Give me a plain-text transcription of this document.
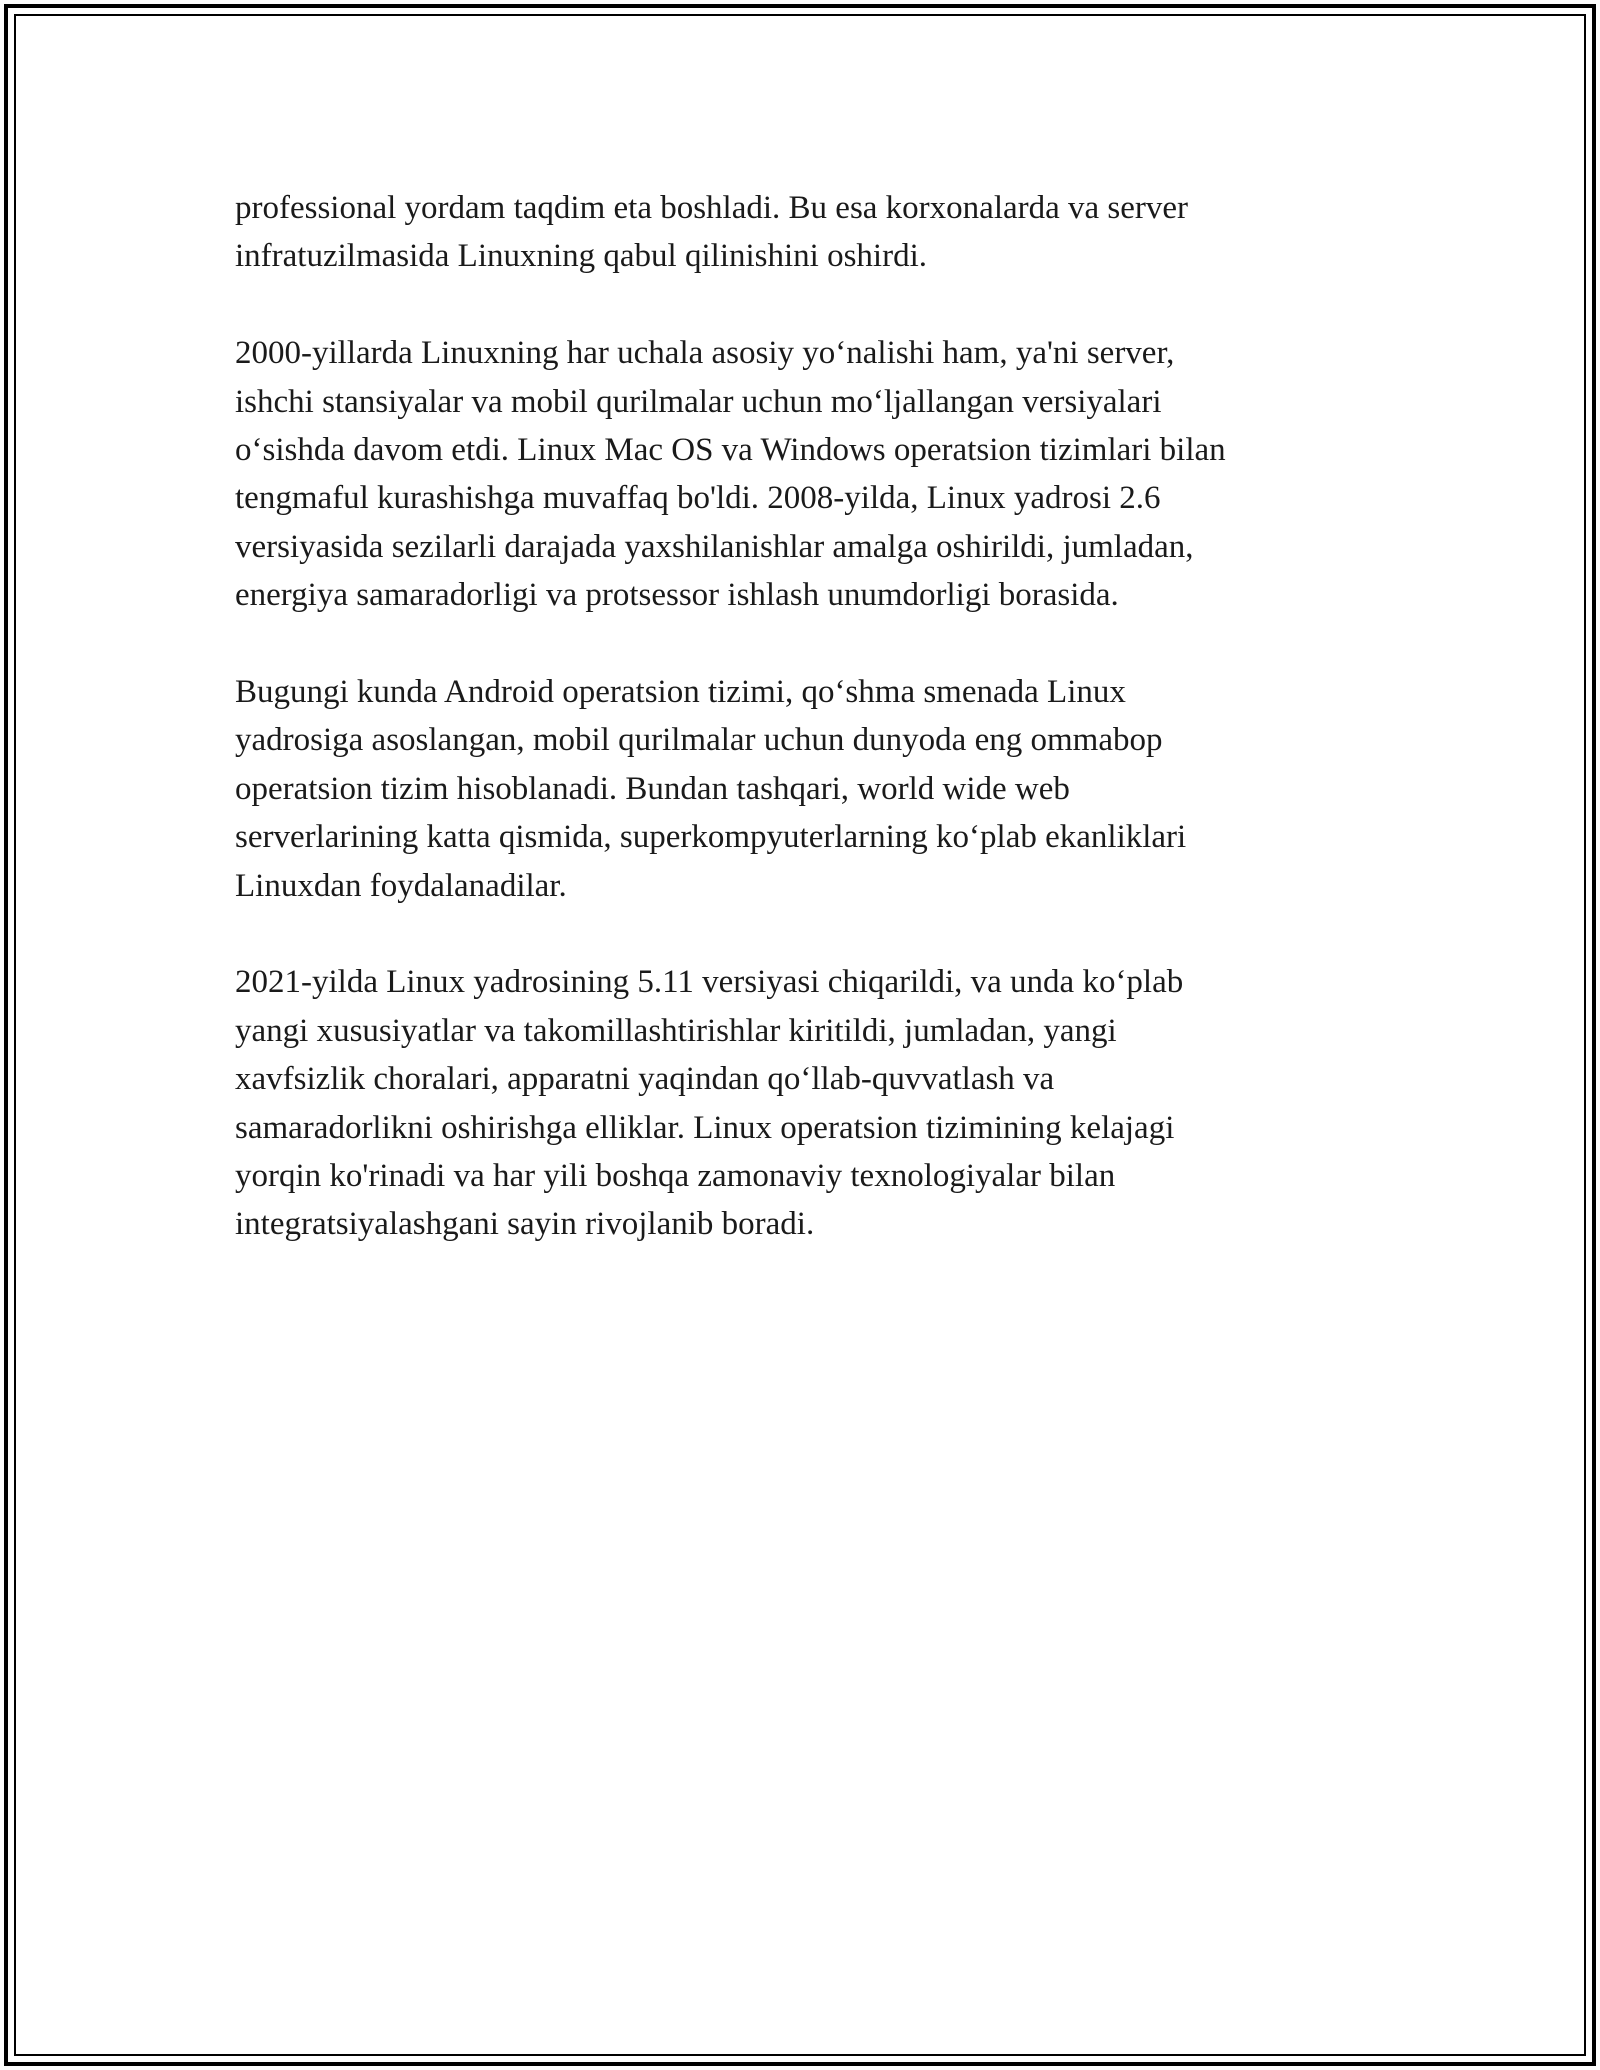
professional yordam taqdim eta boshladi. Bu esa korxonalarda va server
infratuzilmasida Linuxning qabul qilinishini oshirdi.

2000-yillarda Linuxning har uchala asosiy yoʻnalishi ham, ya'ni server,
ishchi stansiyalar va mobil qurilmalar uchun moʻljallangan versiyalari
oʻsishda davom etdi. Linux Mac OS va Windows operatsion tizimlari bilan
tengmaful kurashishga muvaffaq bo'ldi. 2008-yilda, Linux yadrosi 2.6
versiyasida sezilarli darajada yaxshilanishlar amalga oshirildi, jumladan,
energiya samaradorligi va protsessor ishlash unumdorligi borasida.

Bugungi kunda Android operatsion tizimi, qoʻshma smenada Linux
yadrosiga asoslangan, mobil qurilmalar uchun dunyoda eng ommabop
operatsion tizim hisoblanadi. Bundan tashqari, world wide web
serverlarining katta qismida, superkompyuterlarning koʻplab ekanliklari
Linuxdan foydalanadilar.

2021-yilda Linux yadrosining 5.11 versiyasi chiqarildi, va unda koʻplab
yangi xususiyatlar va takomillashtirishlar kiritildi, jumladan, yangi
xavfsizlik choralari, apparatni yaqindan qoʻllab-quvvatlash va
samaradorlikni oshirishga elliklar. Linux operatsion tizimining kelajagi
yorqin ko'rinadi va har yili boshqa zamonaviy texnologiyalar bilan
integratsiyalashgani sayin rivojlanib boradi.
